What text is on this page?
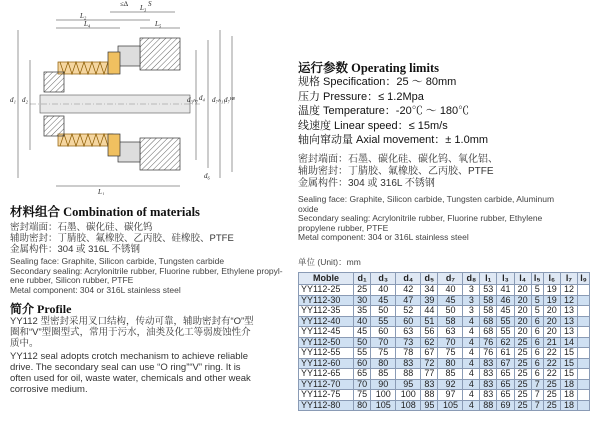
d₁ d₂	d₃ₕ₇ d₄ d₇ₕ₁₁
d₇ᴴ⁸
L₁
L₂
L₃
L₄	L₅
S
≤∆
d₆
运行参数 Operating limits
规格 Specification：25 ～ 80mm
压力 Pressure：≤ 1.2Mpa
温度 Temperature：-20℃ ～ 180℃
线速度 Linear speed：≤ 15m/s
轴向窜动量 Axial movement：± 1.0mm
密封端面：石墨、碳化硅、碳化钨、氧化铝、
辅助密封：丁腈胶、氟橡胶、乙丙胶、PTFE
金属构件：304 或 316L 不锈钢
Sealing face: Graphite, Silicon carbide, Tungsten carbide, Aluminum
oxide
Secondary sealing: Acrylonitrile rubber, Fluorine rubber, Ethylene
propylene rubber, PTFE
Metal component: 304 or 316L stainless steel
材料组合 Combination of materials
密封端面：石墨、碳化硅、碳化钨
辅助密封：丁腈胶、氟橡胶、乙丙胶、硅橡胶、PTFE
金属构件：304 或 316L 不锈钢
Sealing face: Graphite, Silicon carbide, Tungsten carbide
Secondary sealing: Acrylonitrile rubber, Fluorine rubber, Ethylene propyl-
ene rubber, Silicon rubber, PTFE
Metal component: 304 or 316L stainless steel
简介 Profile
YY112 型密封采用叉口结构，传动可靠，辅助密封有“O”型
圈和“V”型圈型式，常用于污水，油类及化工等弱废蚀性介
质中。
YY112 seal adopts crotch mechanism to achieve reliable
drive. The secondary seal can use “O ring”“V” ring. It is
often used for oil, waste water, chemicals and other weak
corrosive medium.
单位 (Unit)：mm
Moble	d₁	d₃	d₄	d₅	d₇	d₈	l₁	l₃	l₄	l₅	l₆	l₇	l₉
YY112-25	25	40	42	34	40	3	53	41	20	5	19	12	
YY112-30	30	45	47	39	45	3	58	46	20	5	19	12	
YY112-35	35	50	52	44	50	3	58	45	20	5	20	13	
YY112-40	40	55	60	51	58	4	68	55	20	6	20	13	
YY112-45	45	60	63	56	63	4	68	55	20	6	20	13	
YY112-50	50	70	73	62	70	4	76	62	25	6	21	14	
YY112-55	55	75	78	67	75	4	76	61	25	6	22	15	
YY112-60	60	80	83	72	80	4	83	67	25	6	22	15	
YY112-65	65	85	88	77	85	4	83	65	25	6	22	15	
YY112-70	70	90	95	83	92	4	83	65	25	7	25	18	
YY112-75	75	100	100	88	97	4	83	65	25	7	25	18	
YY112-80	80	105	108	95	105	4	88	69	25	7	25	18	
